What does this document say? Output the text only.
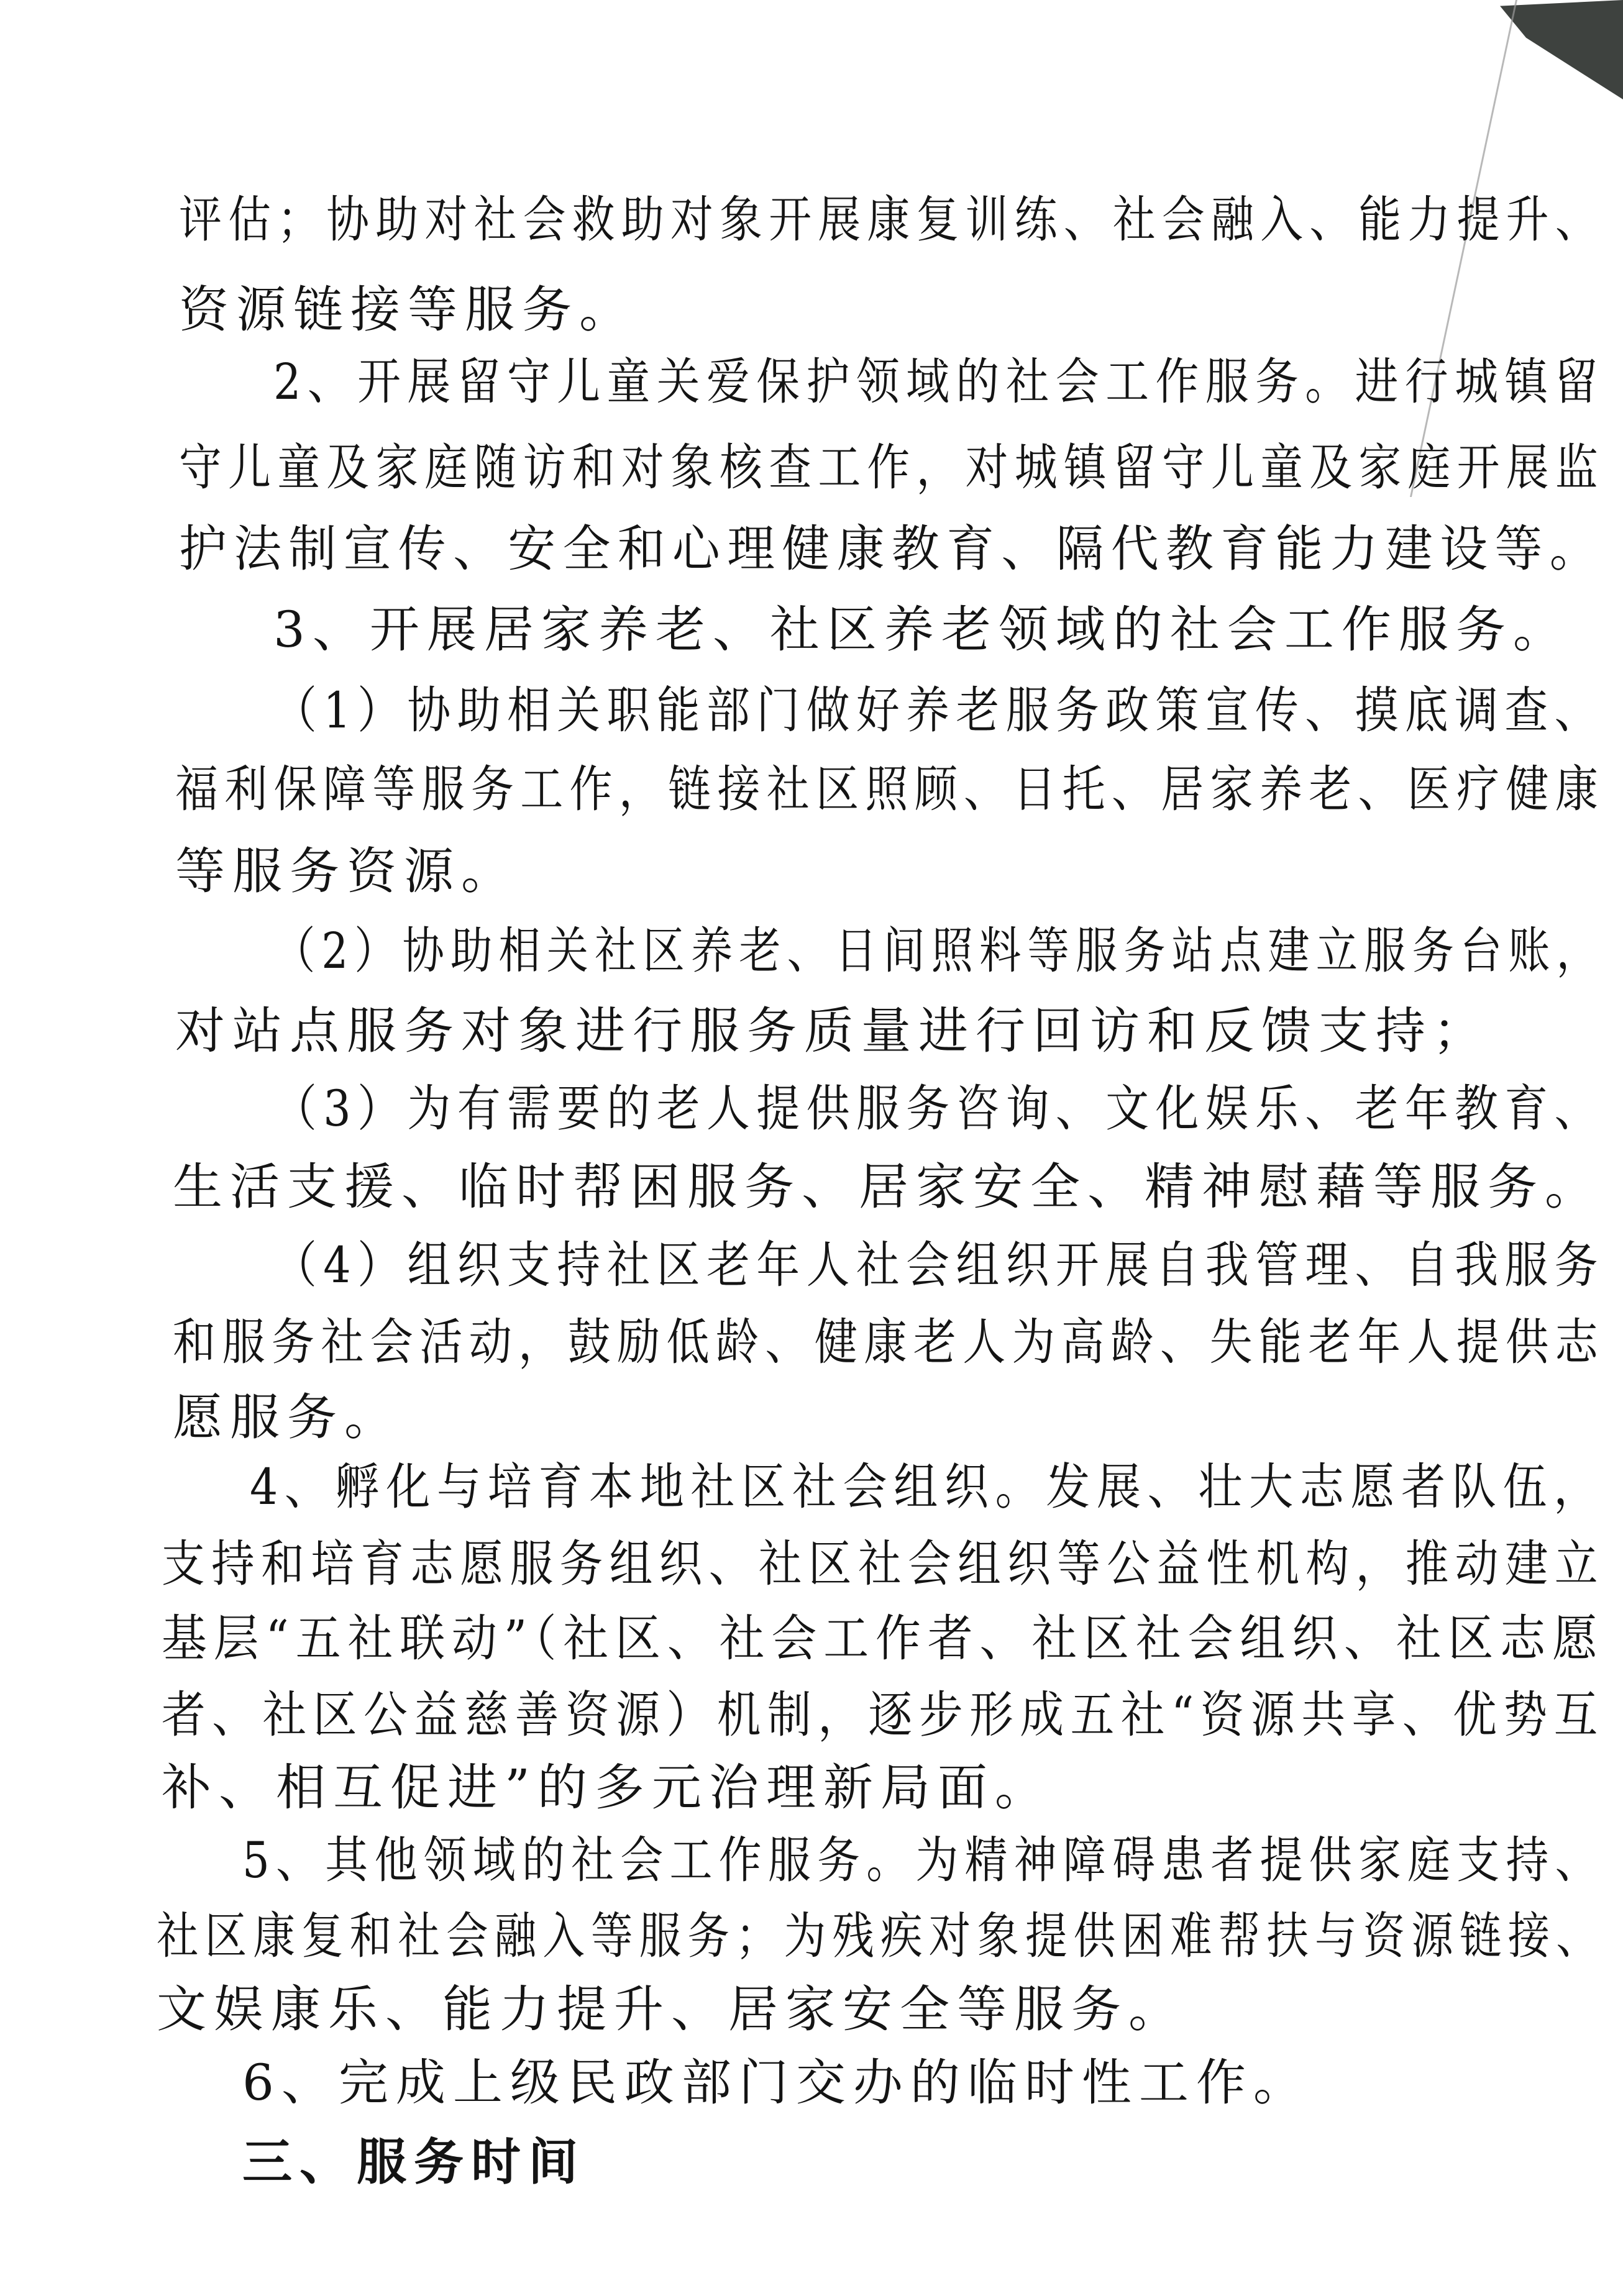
评估；协助对社会救助对象开展康复训练、社会融入、能力提升、
资源链接等服务。
2、开展留守儿童关爱保护领域的社会工作服务。进行城镇留
守儿童及家庭随访和对象核查工作，对城镇留守儿童及家庭开展监
护法制宣传、安全和心理健康教育、隔代教育能力建设等。
3、开展居家养老、社区养老领域的社会工作服务。
（1）协助相关职能部门做好养老服务政策宣传、摸底调查、
福利保障等服务工作，链接社区照顾、日托、居家养老、医疗健康
等服务资源。
（2）协助相关社区养老、日间照料等服务站点建立服务台账，
对站点服务对象进行服务质量进行回访和反馈支持；
（3）为有需要的老人提供服务咨询、文化娱乐、老年教育、
生活支援、临时帮困服务、居家安全、精神慰藉等服务。
（4）组织支持社区老年人社会组织开展自我管理、自我服务
和服务社会活动，鼓励低龄、健康老人为高龄、失能老年人提供志
愿服务。
4、孵化与培育本地社区社会组织。发展、壮大志愿者队伍，
支持和培育志愿服务组织、社区社会组织等公益性机构，推动建立
基层“五社联动”（社区、社会工作者、社区社会组织、社区志愿
者、社区公益慈善资源）机制，逐步形成五社“资源共享、优势互
补、相互促进”的多元治理新局面。
5、其他领域的社会工作服务。为精神障碍患者提供家庭支持、
社区康复和社会融入等服务；为残疾对象提供困难帮扶与资源链接、
文娱康乐、能力提升、居家安全等服务。
6、完成上级民政部门交办的临时性工作。
三、服务时间
